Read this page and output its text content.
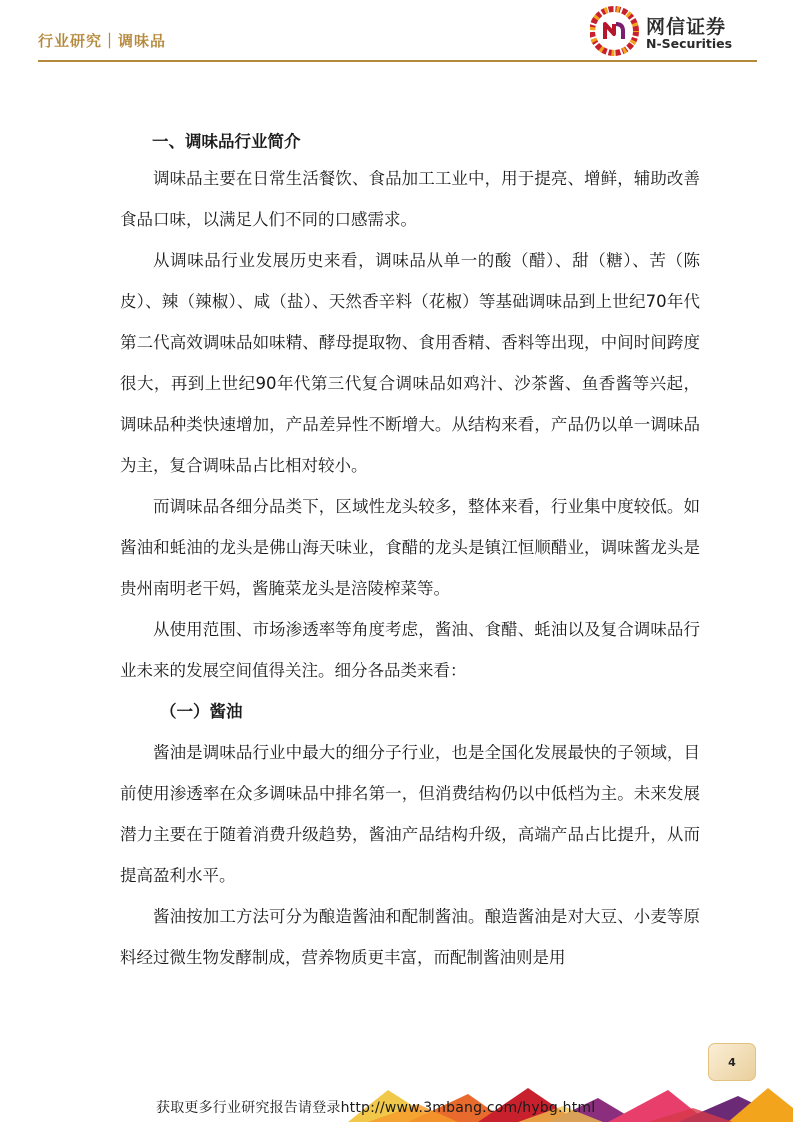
行业研究｜调味品
网信证券
N-Securities
一、调味品行业简介

调味品主要在日常生活餐饮、食品加工工业中，用于提亮、增鲜，辅助改善食品口味，以满足人们不同的口感需求。

从调味品行业发展历史来看，调味品从单一的酸（醋）、甜（糖）、苦（陈皮）、辣（辣椒）、咸（盐）、天然香辛料（花椒）等基础调味品到上世纪70年代第二代高效调味品如味精、酵母提取物、食用香精、香料等出现，中间时间跨度很大，再到上世纪90年代第三代复合调味品如鸡汁、沙茶酱、鱼香酱等兴起，调味品种类快速增加，产品差异性不断增大。从结构来看，产品仍以单一调味品为主，复合调味品占比相对较小。

而调味品各细分品类下，区域性龙头较多，整体来看，行业集中度较低。如酱油和蚝油的龙头是佛山海天味业，食醋的龙头是镇江恒顺醋业，调味酱龙头是贵州南明老干妈，酱腌菜龙头是涪陵榨菜等。

从使用范围、市场渗透率等角度考虑，酱油、食醋、蚝油以及复合调味品行业未来的发展空间值得关注。细分各品类来看：

（一）酱油

酱油是调味品行业中最大的细分子行业，也是全国化发展最快的子领域，目前使用渗透率在众多调味品中排名第一，但消费结构仍以中低档为主。未来发展潜力主要在于随着消费升级趋势，酱油产品结构升级，高端产品占比提升，从而提高盈利水平。

酱油按加工方法可分为酿造酱油和配制酱油。酿造酱油是对大豆、小麦等原料经过微生物发酵制成，营养物质更丰富，而配制酱油则是用

4
获取更多行业研究报告请登录http://www.3mbang.com/hybg.html
